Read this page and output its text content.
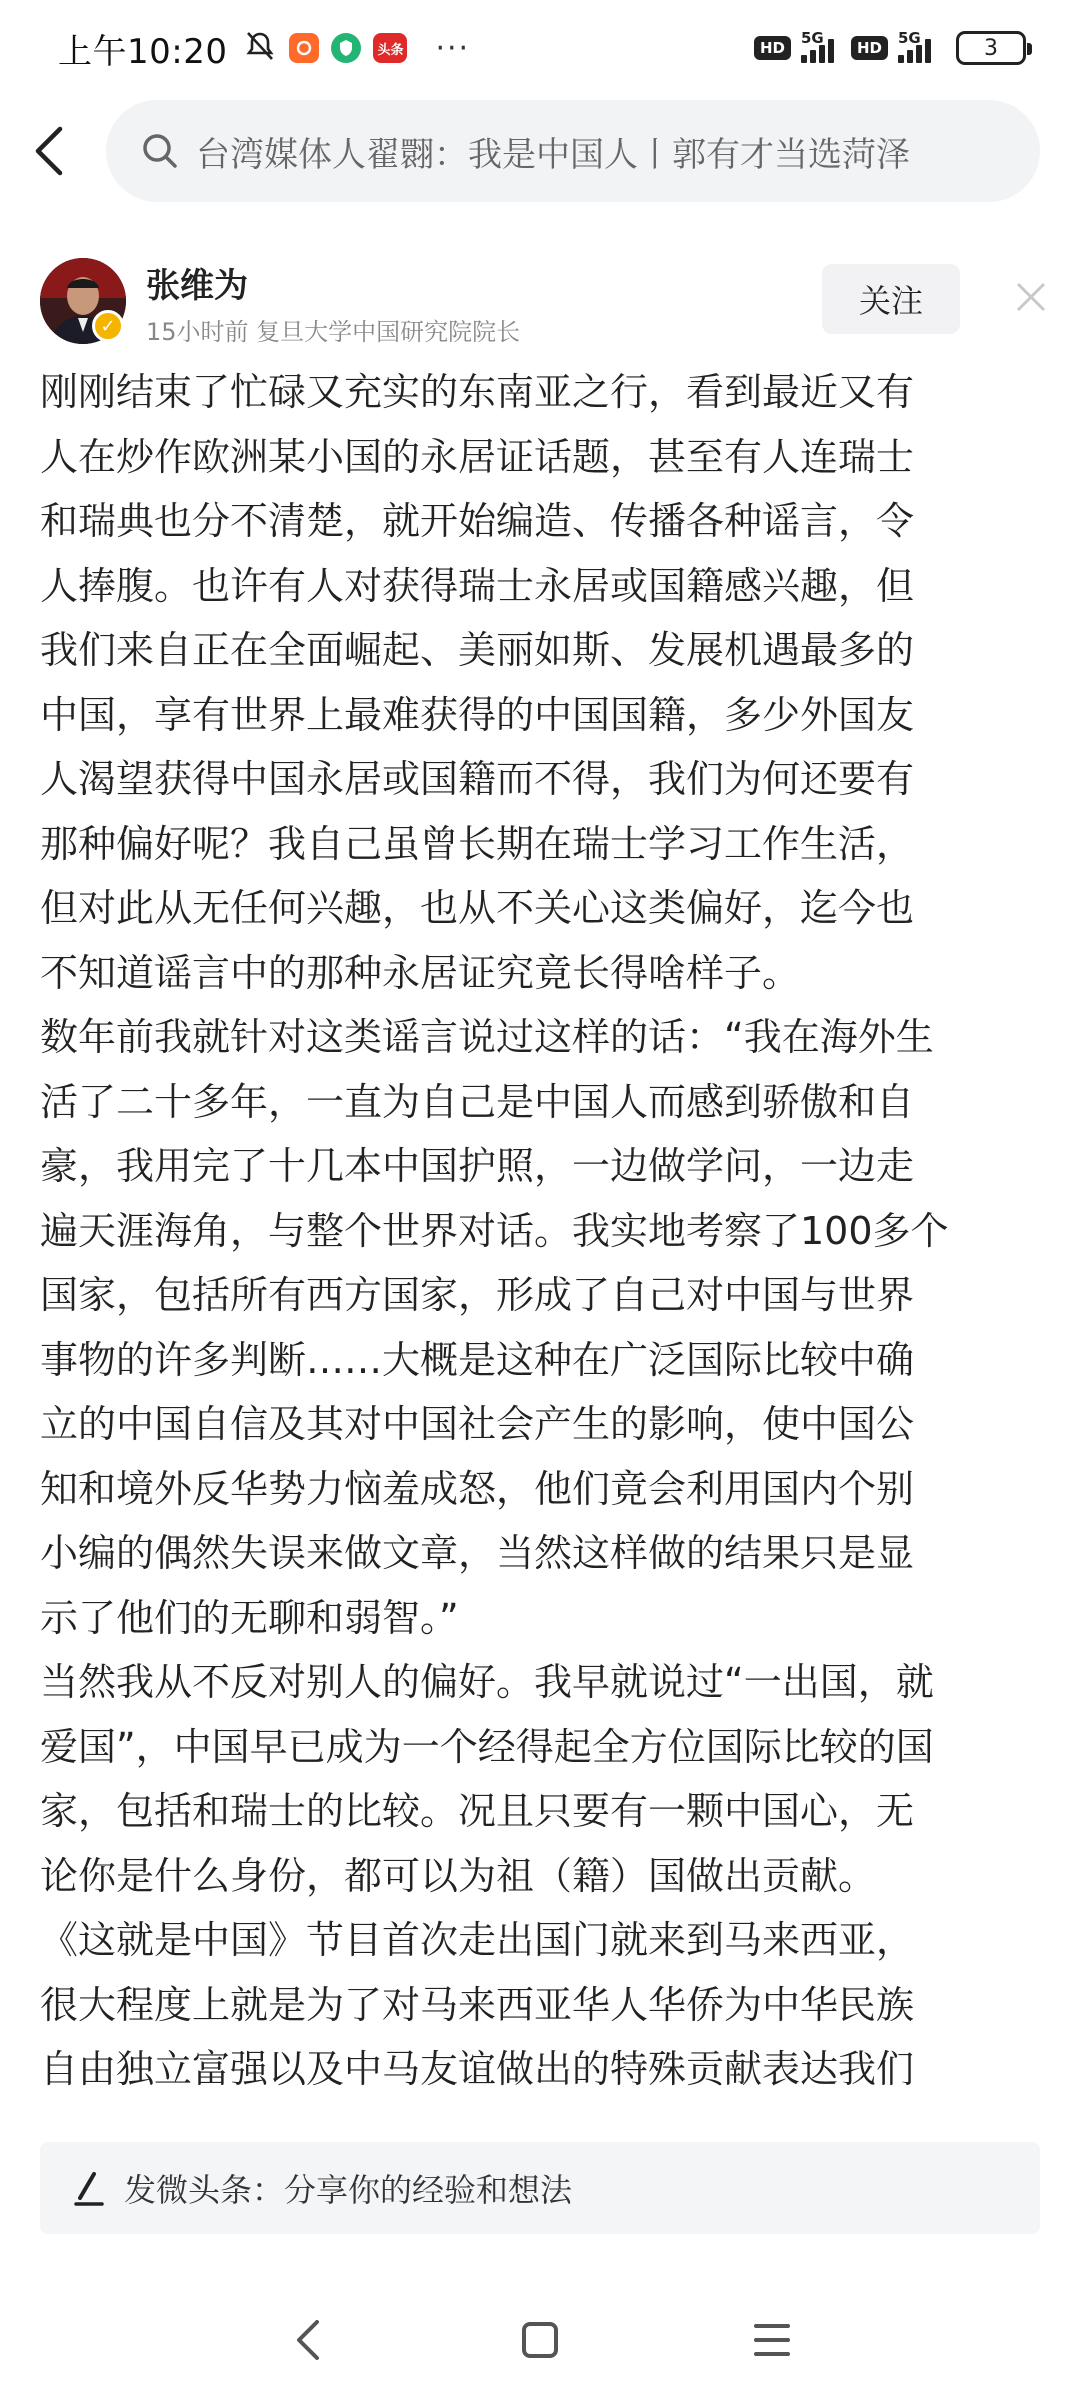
上午10:20	头条 ···	HD
5G
HD
5G	3
台湾媒体人翟翾：我是中国人丨郭有才当选菏泽
✓
张维为
15小时前 复旦大学中国研究院院长
关注

刚刚结束了忙碌又充实的东南亚之行，看到最近又有

人在炒作欧洲某小国的永居证话题，甚至有人连瑞士

和瑞典也分不清楚，就开始编造、传播各种谣言，令

人捧腹。也许有人对获得瑞士永居或国籍感兴趣，但

我们来自正在全面崛起、美丽如斯、发展机遇最多的

中国，享有世界上最难获得的中国国籍，多少外国友

人渴望获得中国永居或国籍而不得，我们为何还要有

那种偏好呢？我自己虽曾长期在瑞士学习工作生活，

但对此从无任何兴趣，也从不关心这类偏好，迄今也

不知道谣言中的那种永居证究竟长得啥样子。

数年前我就针对这类谣言说过这样的话：“我在海外生

活了二十多年，一直为自己是中国人而感到骄傲和自

豪，我用完了十几本中国护照，一边做学问，一边走

遍天涯海角，与整个世界对话。我实地考察了100多个

国家，包括所有西方国家，形成了自己对中国与世界

事物的许多判断……大概是这种在广泛国际比较中确

立的中国自信及其对中国社会产生的影响，使中国公

知和境外反华势力恼羞成怒，他们竟会利用国内个别

小编的偶然失误来做文章，当然这样做的结果只是显

示了他们的无聊和弱智。”

当然我从不反对别人的偏好。我早就说过“一出国，就

爱国”，中国早已成为一个经得起全方位国际比较的国

家，包括和瑞士的比较。况且只要有一颗中国心，无

论你是什么身份，都可以为祖（籍）国做出贡献。

《这就是中国》节目首次走出国门就来到马来西亚，

很大程度上就是为了对马来西亚华人华侨为中华民族

自由独立富强以及中马友谊做出的特殊贡献表达我们

发微头条：分享你的经验和想法
